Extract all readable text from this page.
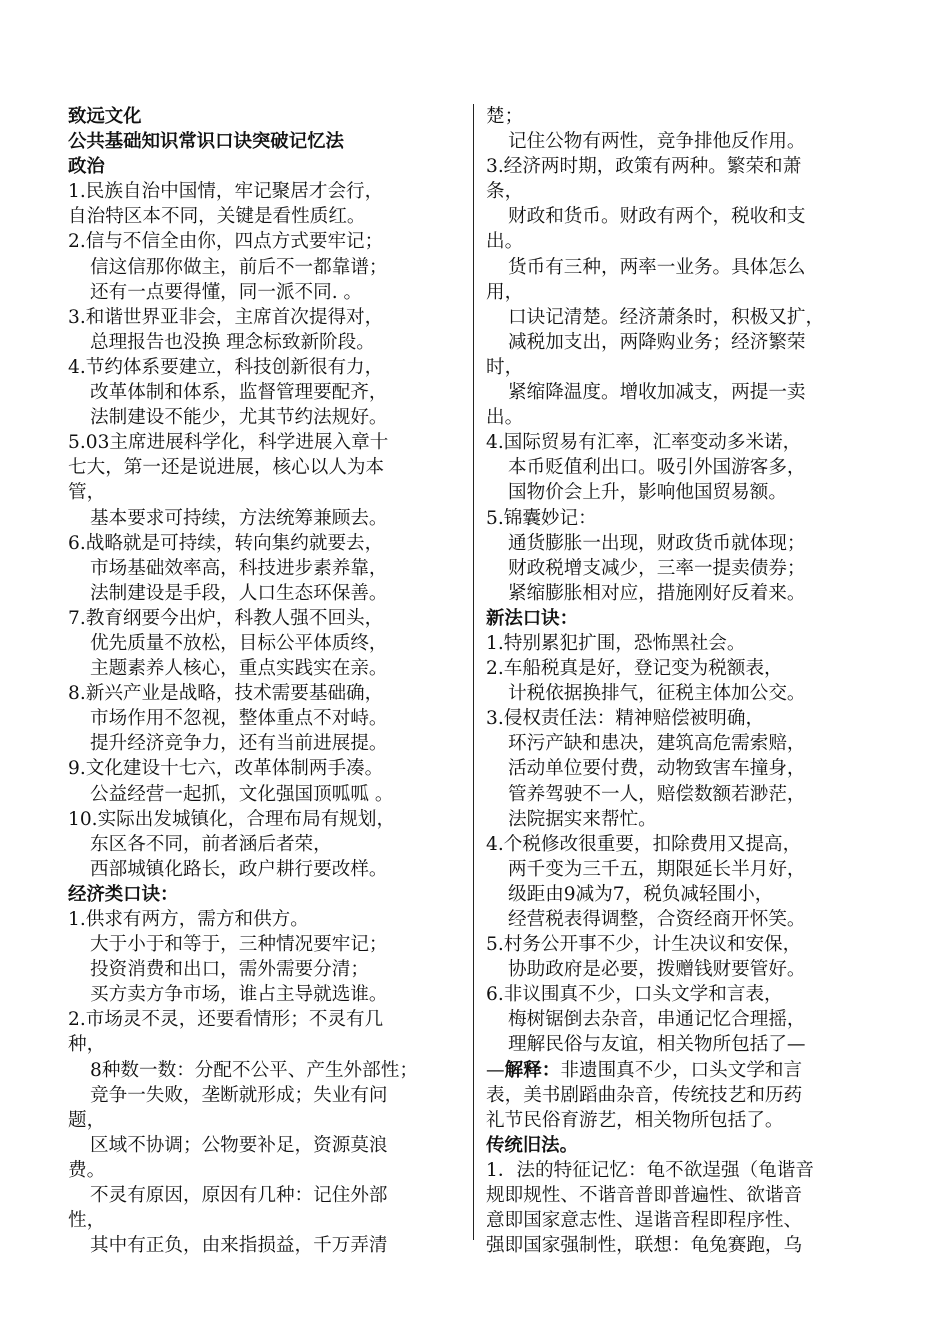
致远文化
公共基础知识常识口诀突破记忆法
政治
1.民族自治中国情，牢记聚居才会行，
自治特区本不同，关键是看性质红。
2.信与不信全由你，四点方式要牢记；
信这信那你做主，前后不一都靠谱；
还有一点要得懂，同一派不同. 。
3.和谐世界亚非会，主席首次提得对，
总理报告也没换 理念标致新阶段。
4.节约体系要建立，科技创新很有力，
改革体制和体系，监督管理要配齐，
法制建设不能少，尤其节约法规好。
5.03主席进展科学化，科学进展入章十
七大，第一还是说进展，核心以人为本
管，
基本要求可持续，方法统筹兼顾去。
6.战略就是可持续，转向集约就要去，
市场基础效率高，科技进步素养靠，
法制建设是手段，人口生态环保善。
7.教育纲要今出炉，科教人强不回头，
优先质量不放松，目标公平体质终，
主题素养人核心，重点实践实在亲。
8.新兴产业是战略，技术需要基础确，
市场作用不忽视，整体重点不对峙。
提升经济竞争力，还有当前进展提。
9.文化建设十七六，改革体制两手凑。
公益经营一起抓，文化强国顶呱呱 。
10.实际出发城镇化，合理布局有规划，
东区各不同，前者涵后者荣，
西部城镇化路长，政户耕行要改样。
经济类口诀：
1.供求有两方，需方和供方。
大于小于和等于，三种情况要牢记；
投资消费和出口，需外需要分清；
买方卖方争市场，谁占主导就选谁。
2.市场灵不灵，还要看情形；不灵有几
种，
8种数一数：分配不公平、产生外部性；
竞争一失败，垄断就形成；失业有问
题，
区域不协调；公物要补足，资源莫浪
费。
不灵有原因，原因有几种：记住外部
性，
其中有正负，由来指损益，千万弄清
楚；
记住公物有两性，竞争排他反作用。
3.经济两时期，政策有两种。繁荣和萧
条，
财政和货币。财政有两个，税收和支
出。
货币有三种，两率一业务。具体怎么
用，
口诀记清楚。经济萧条时，积极又扩，
减税加支出，两降购业务；经济繁荣
时，
紧缩降温度。增收加减支，两提一卖
出。
4.国际贸易有汇率，汇率变动多米诺，
本币贬值利出口。吸引外国游客多，
国物价会上升，影响他国贸易额。
5.锦囊妙记：
通货膨胀一出现，财政货币就体现；
财政税增支减少，三率一提卖债券；
紧缩膨胀相对应，措施刚好反着来。
新法口诀：
1.特别累犯扩围，恐怖黑社会。
2.车船税真是好，登记变为税额表，
计税依据换排气，征税主体加公交。
3.侵权责任法：精神赔偿被明确，
环污产缺和患决，建筑高危需索赔，
活动单位要付费，动物致害车撞身，
管养驾驶不一人，赔偿数额若渺茫，
法院据实来帮忙。
4.个税修改很重要，扣除费用又提高，
两千变为三千五，期限延长半月好，
级距由9减为7，税负减轻围小，
经营税表得调整，合资经商开怀笑。
5.村务公开事不少，计生决议和安保，
协助政府是必要，拨赠钱财要管好。
6.非议围真不少，口头文学和言表，
梅树锯倒去杂音，串通记忆合理摇，
理解民俗与友谊，相关物所包括了—
—解释：非遗围真不少，口头文学和言
表，美书剧蹈曲杂音，传统技艺和历药
礼节民俗育游艺，相关物所包括了。
传统旧法。
1．法的特征记忆：龟不欲逞强（龟谐音
规即规性、不谐音普即普遍性、欲谐音
意即国家意志性、逞谐音程即程序性、
强即国家强制性，联想：龟兔赛跑，乌
